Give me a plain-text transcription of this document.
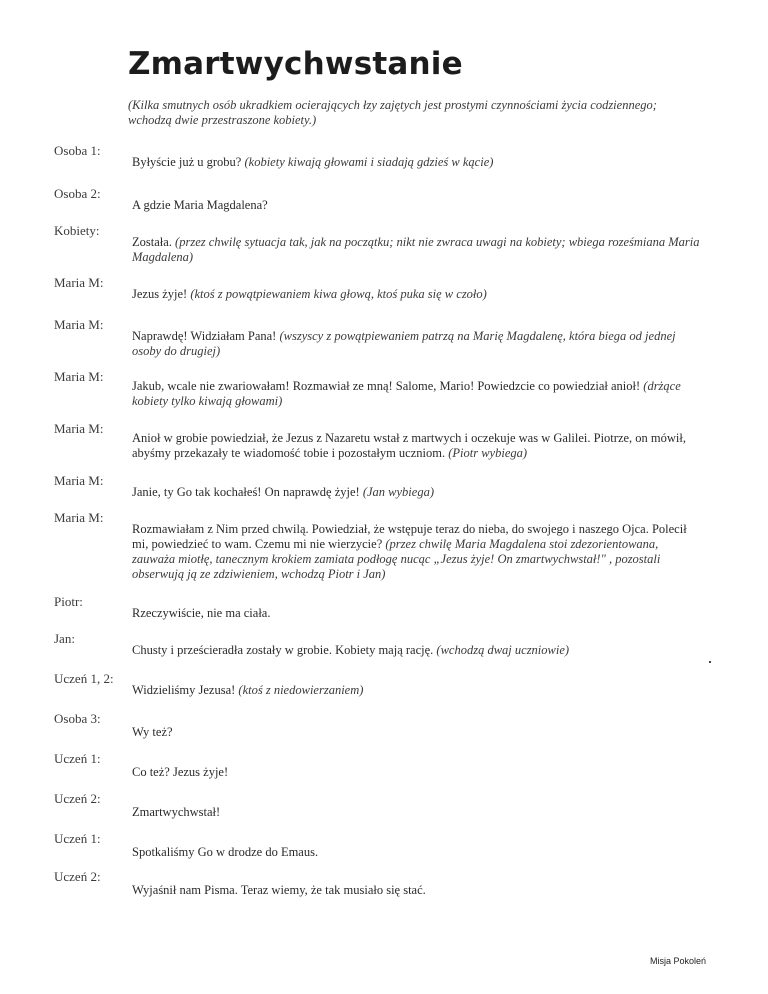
Zmartwychwstanie

(Kilka smutnych osób ukradkiem ocierających łzy zajętych jest prostymi czynnościami życia codziennego; wchodzą dwie przestraszone kobiety.)

Osoba 1:
Byłyście już u grobu? (kobiety kiwają głowami i siadają gdzieś w kącie)
Osoba 2:
A gdzie Maria Magdalena?
Kobiety:
Została. (przez chwilę sytuacja tak, jak na początku; nikt nie zwraca uwagi na kobiety; wbiega roześmiana Maria Magdalena)
Maria M:
Jezus żyje! (ktoś z powątpiewaniem kiwa głową, ktoś puka się w czoło)
Maria M:
Naprawdę! Widziałam Pana! (wszyscy z powątpiewaniem patrzą na Marię Magdalenę, która biega od jednej osoby do drugiej)
Maria M:
Jakub, wcale nie zwariowałam! Rozmawiał ze mną! Salome, Mario! Powiedzcie co powiedział anioł! (drżące kobiety tylko kiwają głowami)
Maria M:
Anioł w grobie powiedział, że Jezus z Nazaretu wstał z martwych i oczekuje was w Galilei. Piotrze, on mówił, abyśmy przekazały te wiadomość tobie i pozostałym uczniom. (Piotr wybiega)
Maria M:
Janie, ty Go tak kochałeś! On naprawdę żyje! (Jan wybiega)
Maria M:
Rozmawiałam z Nim przed chwilą. Powiedział, że wstępuje teraz do nieba, do swojego i naszego Ojca. Polecił mi, powiedzieć to wam. Czemu mi nie wierzycie? (przez chwilę Maria Magdalena stoi zdezorientowana, zauważa miotłę, tanecznym krokiem zamiata podłogę nucąc „Jezus żyje! On zmartwychwstał!" , pozostali obserwują ją ze zdziwieniem, wchodzą Piotr i Jan)
Piotr:
Rzeczywiście, nie ma ciała.
Jan:
Chusty i prześcieradła zostały w grobie. Kobiety mają rację. (wchodzą dwaj uczniowie)
Uczeń 1, 2:
Widzieliśmy Jezusa! (ktoś z niedowierzaniem)
Osoba 3:
Wy też?
Uczeń 1:
Co też? Jezus żyje!
Uczeń 2:
Zmartwychwstał!
Uczeń 1:
Spotkaliśmy Go w drodze do Emaus.
Uczeń 2:
Wyjaśnił nam Pisma. Teraz wiemy, że tak musiało się stać.
Misja Pokoleń
